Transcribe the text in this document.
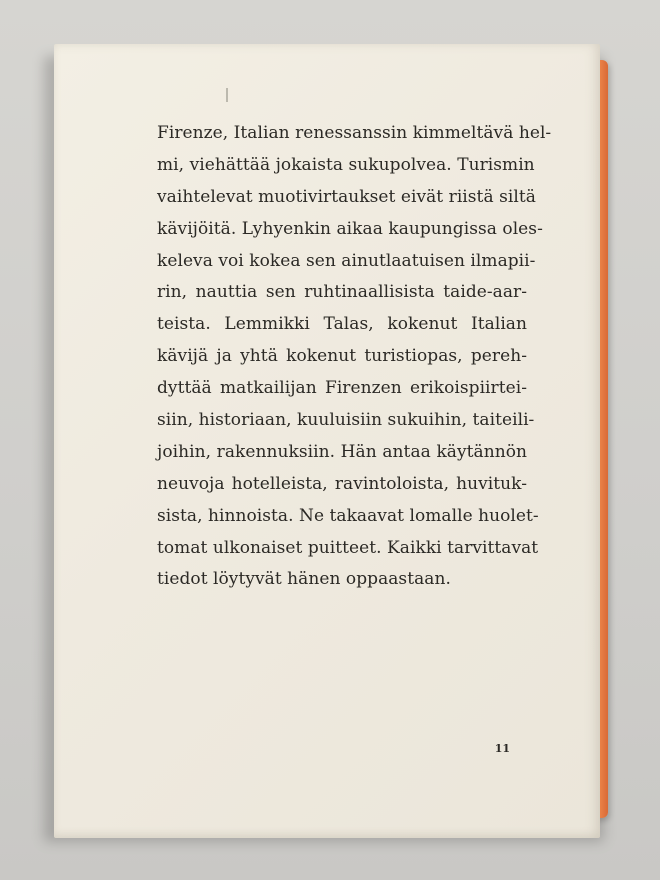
Firenze, Italian renessanssin kimmeltävä hel-
mi, viehättää jokaista sukupolvea. Turismin
vaihtelevat muotivirtaukset eivät riistä siltä
kävijöitä. Lyhyenkin aikaa kaupungissa oles-
keleva voi kokea sen ainutlaatuisen ilmapii-
rin, nauttia sen ruhtinaallisista taide-aar-
teista. Lemmikki Talas, kokenut Italian
kävijä ja yhtä kokenut turistiopas, pereh-
dyttää matkailijan Firenzen erikoispiirtei-
siin, historiaan, kuuluisiin sukuihin, taiteili-
joihin, rakennuksiin. Hän antaa käytännön
neuvoja hotelleista, ravintoloista, huvituk-
sista, hinnoista. Ne takaavat lomalle huolet-
tomat ulkonaiset puitteet. Kaikki tarvittavat
tiedot löytyvät hänen oppaastaan.
11
